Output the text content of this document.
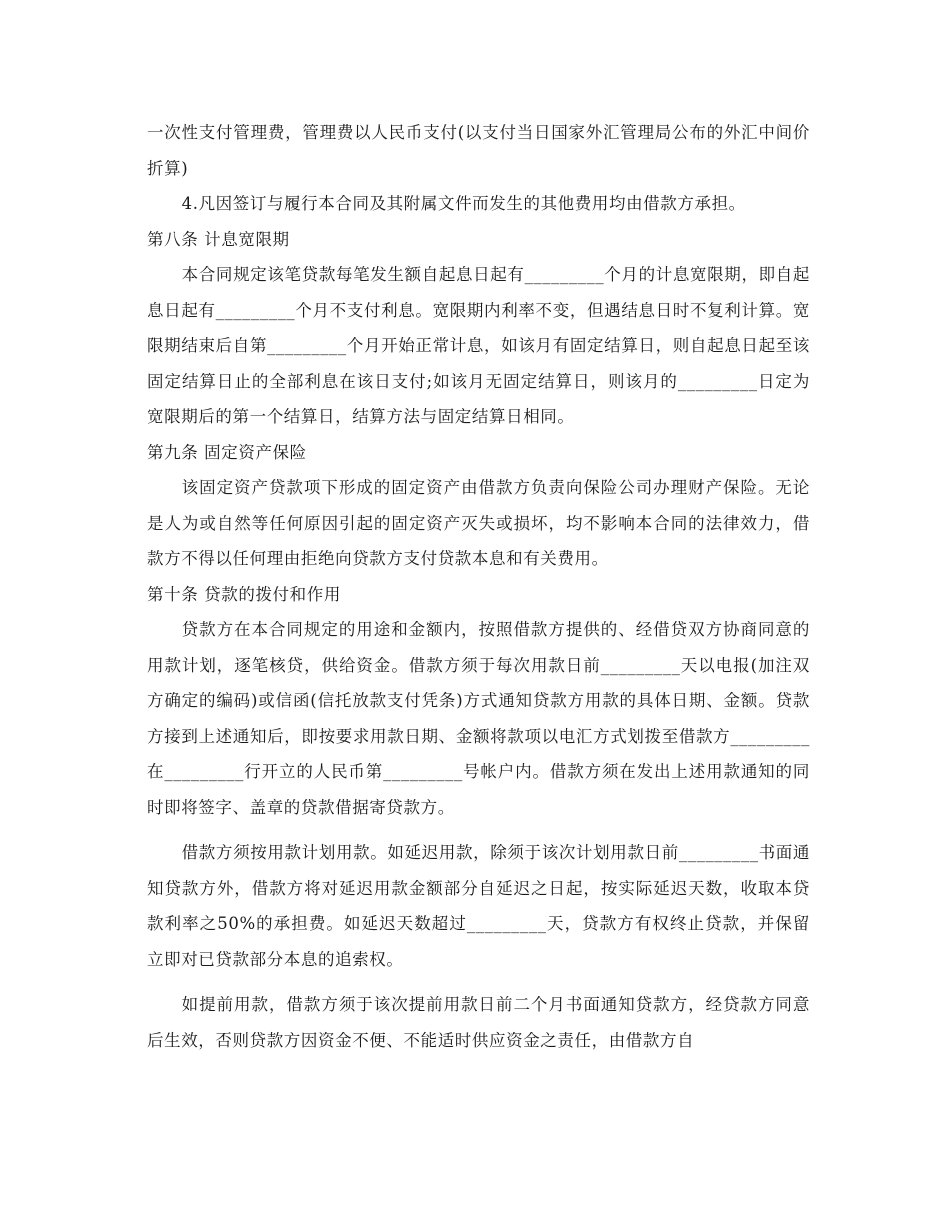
一次性支付管理费，管理费以人民币支付(以支付当日国家外汇管理局公布的外汇中间价折算)

4.凡因签订与履行本合同及其附属文件而发生的其他费用均由借款方承担。

第八条 计息宽限期

本合同规定该笔贷款每笔发生额自起息日起有_________个月的计息宽限期，即自起息日起有_________个月不支付利息。宽限期内利率不变，但遇结息日时不复利计算。宽限期结束后自第_________个月开始正常计息，如该月有固定结算日，则自起息日起至该固定结算日止的全部利息在该日支付;如该月无固定结算日，则该月的_________日定为宽限期后的第一个结算日，结算方法与固定结算日相同。

第九条 固定资产保险

该固定资产贷款项下形成的固定资产由借款方负责向保险公司办理财产保险。无论是人为或自然等任何原因引起的固定资产灭失或损坏，均不影响本合同的法律效力，借款方不得以任何理由拒绝向贷款方支付贷款本息和有关费用。

第十条 贷款的拨付和作用

贷款方在本合同规定的用途和金额内，按照借款方提供的、经借贷双方协商同意的用款计划，逐笔核贷，供给资金。借款方须于每次用款日前_________天以电报(加注双方确定的编码)或信函(信托放款支付凭条)方式通知贷款方用款的具体日期、金额。贷款方接到上述通知后，即按要求用款日期、金额将款项以电汇方式划拨至借款方_________在_________行开立的人民币第_________号帐户内。借款方须在发出上述用款通知的同时即将签字、盖章的贷款借据寄贷款方。

借款方须按用款计划用款。如延迟用款，除须于该次计划用款日前_________书面通知贷款方外，借款方将对延迟用款金额部分自延迟之日起，按实际延迟天数，收取本贷款利率之50%的承担费。如延迟天数超过_________天，贷款方有权终止贷款，并保留立即对已贷款部分本息的追索权。

如提前用款，借款方须于该次提前用款日前二个月书面通知贷款方，经贷款方同意后生效，否则贷款方因资金不便、不能适时供应资金之责任，由借款方自
